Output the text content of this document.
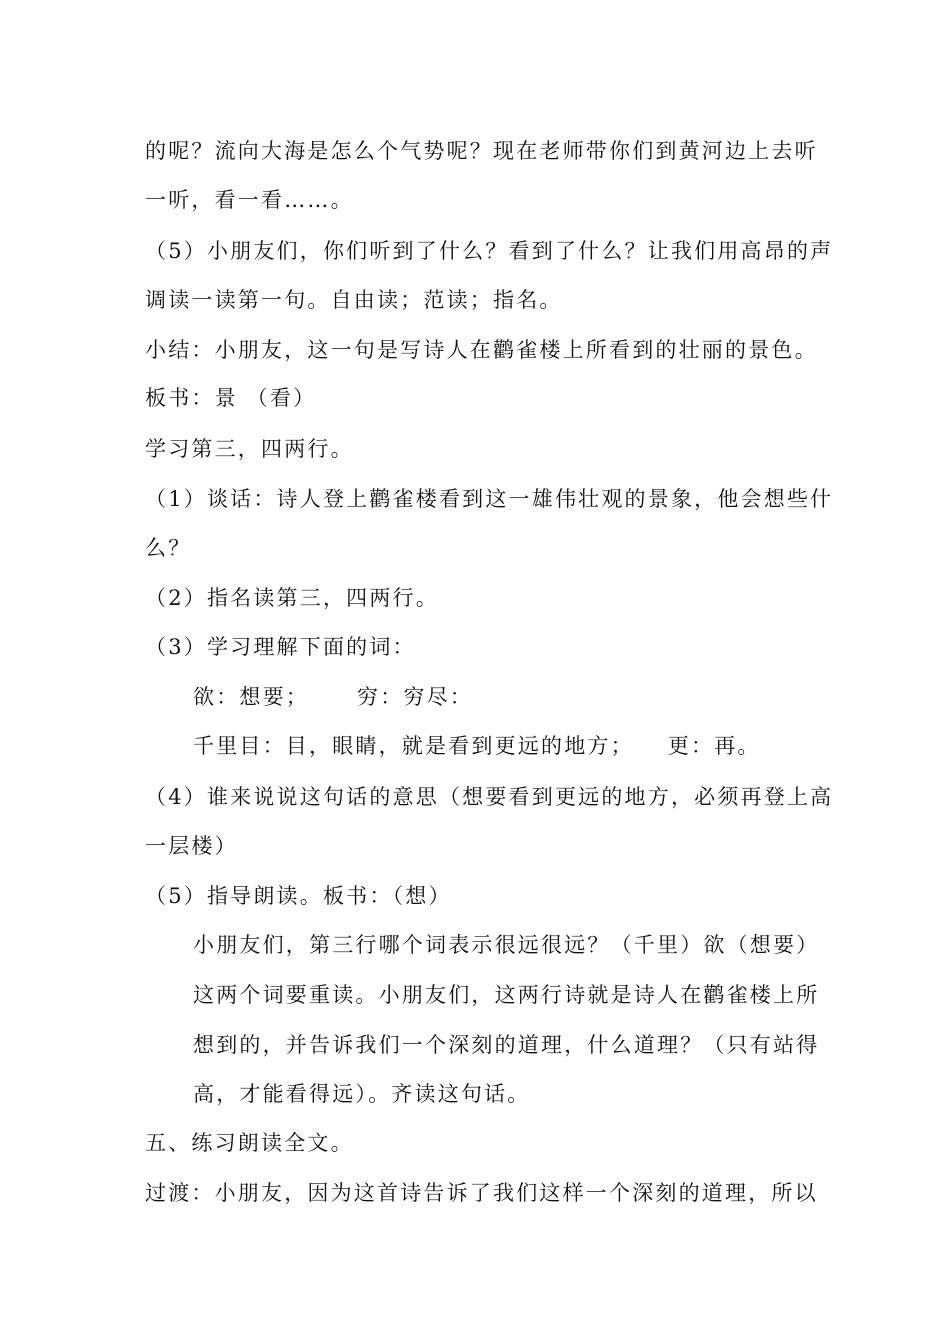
的呢？流向大海是怎么个气势呢？现在老师带你们到黄河边上去听
一听，看一看……。
（5）小朋友们，你们听到了什么？看到了什么？让我们用高昂的声
调读一读第一句。自由读；范读；指名。
小结：小朋友，这一句是写诗人在鹳雀楼上所看到的壮丽的景色。
板书：景 （看）
学习第三，四两行。
（1）谈话：诗人登上鹳雀楼看到这一雄伟壮观的景象，他会想些什
么？
（2）指名读第三，四两行。
（3）学习理解下面的词：
欲：想要； 穷：穷尽：
千里目：目，眼睛，就是看到更远的地方； 更：再。
（4）谁来说说这句话的意思（想要看到更远的地方，必须再登上高
一层楼）
（5）指导朗读。板书：（想）
小朋友们，第三行哪个词表示很远很远？（千里）欲（想要）
这两个词要重读。小朋友们，这两行诗就是诗人在鹳雀楼上所
想到的，并告诉我们一个深刻的道理，什么道理？（只有站得
高，才能看得远）。齐读这句话。
五、练习朗读全文。
过渡：小朋友，因为这首诗告诉了我们这样一个深刻的道理，所以
